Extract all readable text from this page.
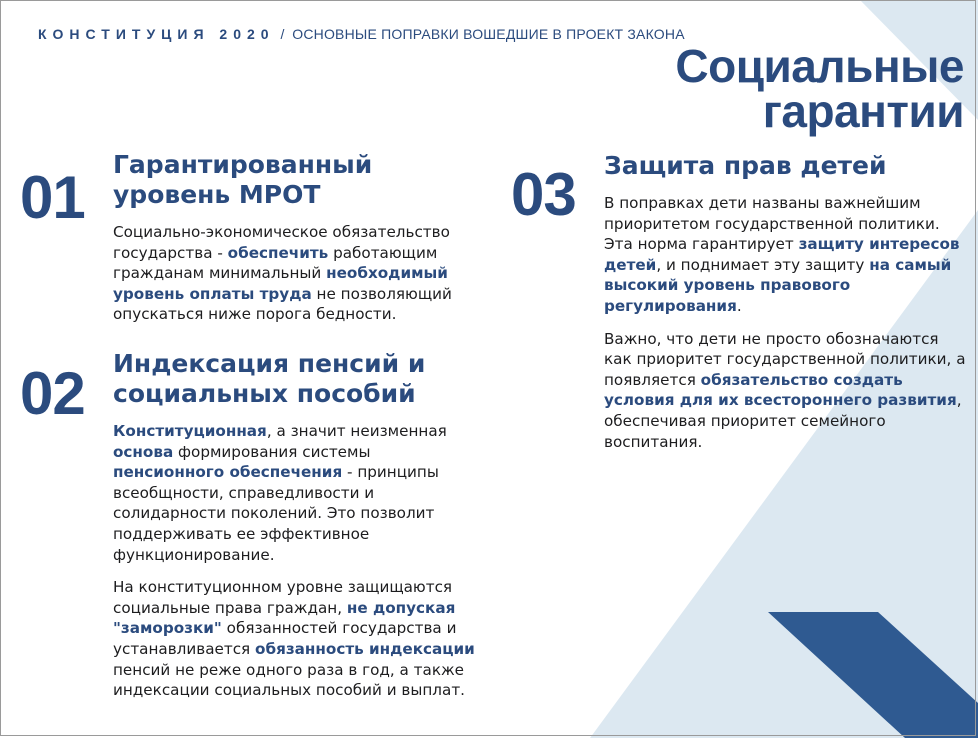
КОНСТИТУЦИЯ 2020 / ОСНОВНЫЕ ПОПРАВКИ ВОШЕДШИЕ В ПРОЕКТ ЗАКОНА
Социальные
гарантии
01 Гарантированный
уровень МРОТ

Социально-экономическое обязательство государства - обеспечить работающим гражданам минимальный необходимый уровень оплаты труда не позволяющий опускаться ниже порога бедности.

02 Индексация пенсий и
социальных пособий

Конституционная, а значит неизменная основа формирования системы пенсионного обеспечения - принципы всеобщности, справедливости и солидарности поколений. Это позволит поддерживать ее эффективное функционирование.

На конституционном уровне защищаются социальные права граждан, не допуская "заморозки" обязанностей государства и устанавливается обязанность индексации пенсий не реже одного раза в год, а также индексации социальных пособий и выплат.

03 Защита прав детей

В поправках дети названы важнейшим приоритетом государственной политики. Эта норма гарантирует защиту интересов детей, и поднимает эту защиту на самый высокий уровень правового регулирования.

Важно, что дети не просто обозначаются как приоритет государственной политики, а появляется обязательство создать условия для их всестороннего развития, обеспечивая приоритет семейного воспитания.
